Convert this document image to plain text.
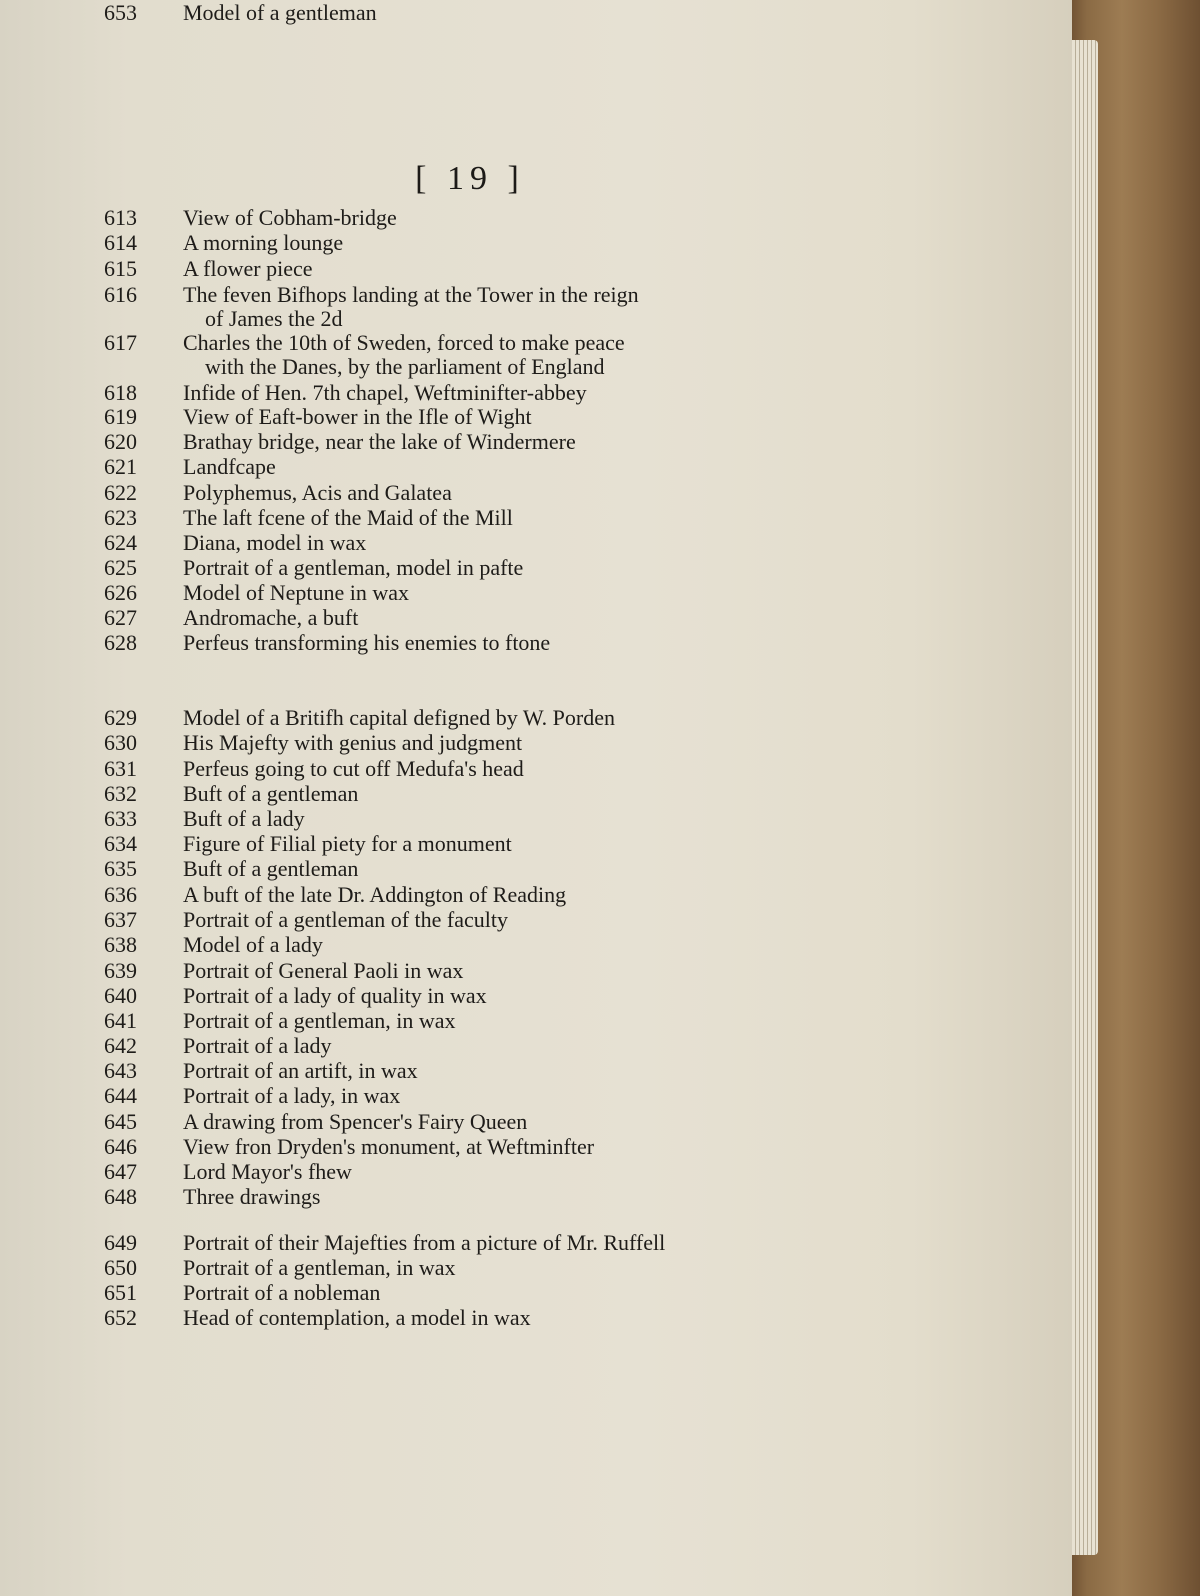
[ 19 ]
613 View of Cobham-bridge
614 A morning lounge
615 A flower piece
616 The feven Bifhops landing at the Tower in the reign
of James the 2d
617 Charles the 10th of Sweden, forced to make peace
with the Danes, by the parliament of England
618 Infide of Hen. 7th chapel, Weftminifter-abbey
619 View of Eaft-bower in the Ifle of Wight
620 Brathay bridge, near the lake of Windermere
621 Landfcape
622 Polyphemus, Acis and Galatea
623 The laft fcene of the Maid of the Mill
624 Diana, model in wax
625 Portrait of a gentleman, model in pafte
626 Model of Neptune in wax
627 Andromache, a buft
628 Perfeus transforming his enemies to ftone
629 Model of a Britifh capital defigned by W. Porden
630 His Majefty with genius and judgment
631 Perfeus going to cut off Medufa's head
632 Buft of a gentleman
633 Buft of a lady
634 Figure of Filial piety for a monument
635 Buft of a gentleman
636 A buft of the late Dr. Addington of Reading
637 Portrait of a gentleman of the faculty
638 Model of a lady
639 Portrait of General Paoli in wax
640 Portrait of a lady of quality in wax
641 Portrait of a gentleman, in wax
642 Portrait of a lady
643 Portrait of an artift, in wax
644 Portrait of a lady, in wax
645 A drawing from Spencer's Fairy Queen
646 View fron Dryden's monument, at Weftminfter
647 Lord Mayor's fhew
648 Three drawings
649 Portrait of their Majefties from a picture of Mr. Ruffell
650 Portrait of a gentleman, in wax
651 Portrait of a nobleman
652 Head of contemplation, a model in wax
653 Model of a gentleman
